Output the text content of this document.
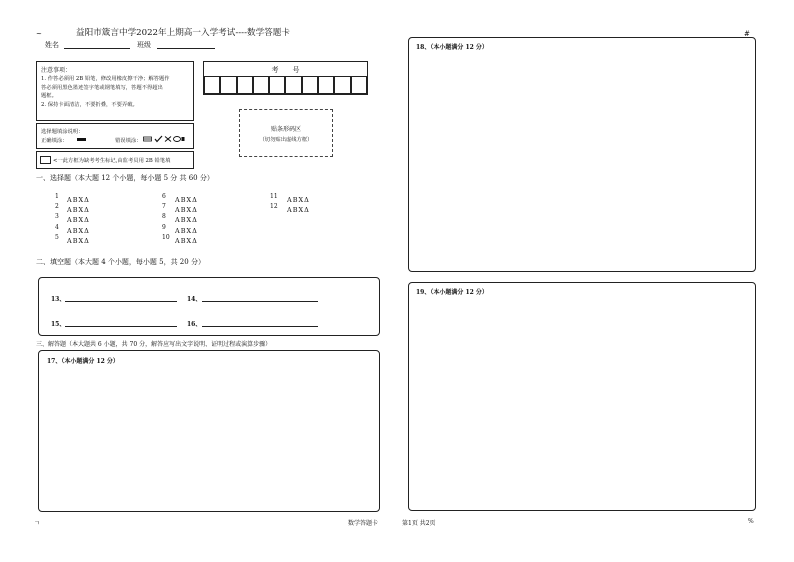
~	#
ㄱ	%
益阳市箴言中学2022年上期高一入学考试----数学答题卡
姓名	班级
注意事项：
1. 作答必须用 2B 铅笔，修改用橡皮擦干净；解答题作
答必须用黑色墨迹签字笔或钢笔填写，答题不得超出
题框。
2. 保持卡面清洁，不要折叠，不要弄破。
考　　号
贴条形码区
（切勿贴出虚线方框）
选择题填涂说明：
正确填涂：	错误填涂：
<一此方框为缺考考生标记,由监考员用 2B 铅笔填
一、选择题（本大题 12 个小题，每小题 5 分 共 60 分）
1 ABXΔ
2 ABXΔ
3 ABXΔ
4 ABXΔ
5 ABXΔ
6 ABXΔ
7 ABXΔ
8 ABXΔ
9 ABXΔ
10 ABXΔ
11 ABXΔ
12 ABXΔ
二、填空题（本大题 4 个小题，每小题 5，共 20 分）
13、	14、
15、	16、
三、解答题（本大题共 6 小题，共 70 分，解答应写出文字说明、证明过程或演算步骤）
17、（本小题满分 12 分）
18、（本小题满分 12 分）
19、（本小题满分 12 分）
数学答题卡	第1页 共2页
